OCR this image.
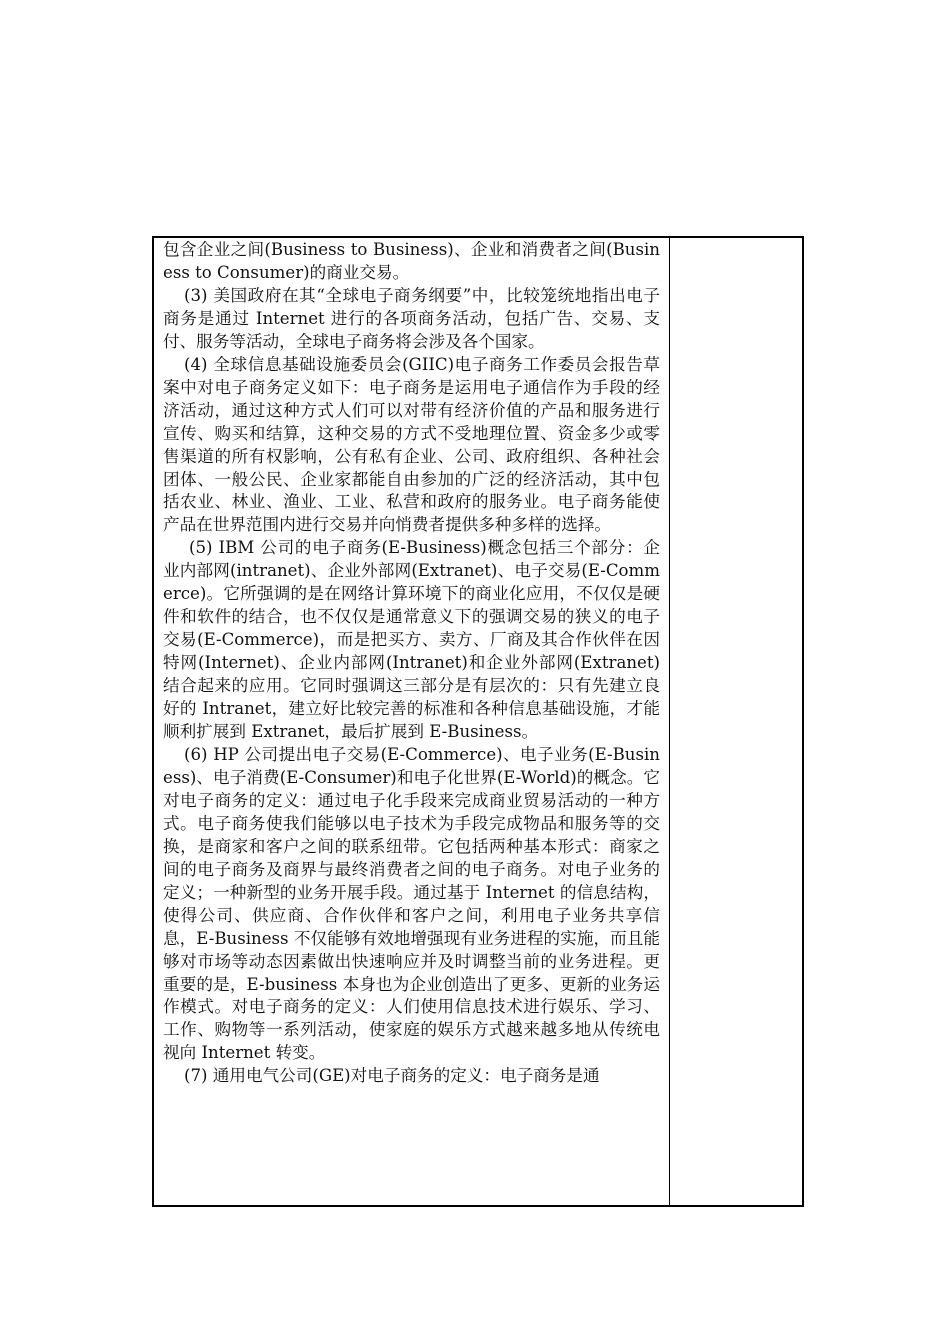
包含企业之间(Business to Business)、企业和消费者之间(Business to Consumer)的商业交易。

(3) 美国政府在其“全球电子商务纲要”中，比较笼统地指出电子商务是通过 Internet 进行的各项商务活动，包括广告、交易、支付、服务等活动，全球电子商务将会涉及各个国家。

(4) 全球信息基础设施委员会(GIIC)电子商务工作委员会报告草案中对电子商务定义如下：电子商务是运用电子通信作为手段的经济活动，通过这种方式人们可以对带有经济价值的产品和服务进行宣传、购买和结算，这种交易的方式不受地理位置、资金多少或零售渠道的所有权影响，公有私有企业、公司、政府组织、各种社会团体、一般公民、企业家都能自由参加的广泛的经济活动，其中包括农业、林业、渔业、工业、私营和政府的服务业。电子商务能使产品在世界范围内进行交易并向悄费者提供多种多样的选择。

(5) IBM 公司的电子商务(E-Business)概念包括三个部分：企业内部网(intranet)、企业外部网(Extranet)、电子交易(E-Commerce)。它所强调的是在网络计算环境下的商业化应用，不仅仅是硬件和软件的结合，也不仅仅是通常意义下的强调交易的狭义的电子交易(E-Commerce)，而是把买方、卖方、厂商及其合作伙伴在因特网(Internet)、企业内部网(Intranet)和企业外部网(Extranet)结合起来的应用。它同时强调这三部分是有层次的：只有先建立良好的 Intranet，建立好比较完善的标准和各种信息基础设施，才能顺利扩展到 Extranet，最后扩展到 E-Business。

(6) HP 公司提出电子交易(E-Commerce)、电子业务(E-Business)、电子消费(E-Consumer)和电子化世界(E-World)的概念。它对电子商务的定义：通过电子化手段来完成商业贸易活动的一种方式。电子商务使我们能够以电子技术为手段完成物品和服务等的交换，是商家和客户之间的联系纽带。它包括两种基本形式：商家之间的电子商务及商界与最终消费者之间的电子商务。对电子业务的定义；一种新型的业务开展手段。通过基于 Internet 的信息结构，使得公司、供应商、合作伙伴和客户之间，利用电子业务共享信息，E-Business 不仅能够有效地增强现有业务进程的实施，而且能够对市场等动态因素做出快速响应并及时调整当前的业务进程。更重要的是，E-business 本身也为企业创造出了更多、更新的业务运作模式。对电子商务的定义：人们使用信息技术进行娱乐、学习、工作、购物等一系列活动，使家庭的娱乐方式越来越多地从传统电视向 Internet 转变。

(7) 通用电气公司(GE)对电子商务的定义：电子商务是通
